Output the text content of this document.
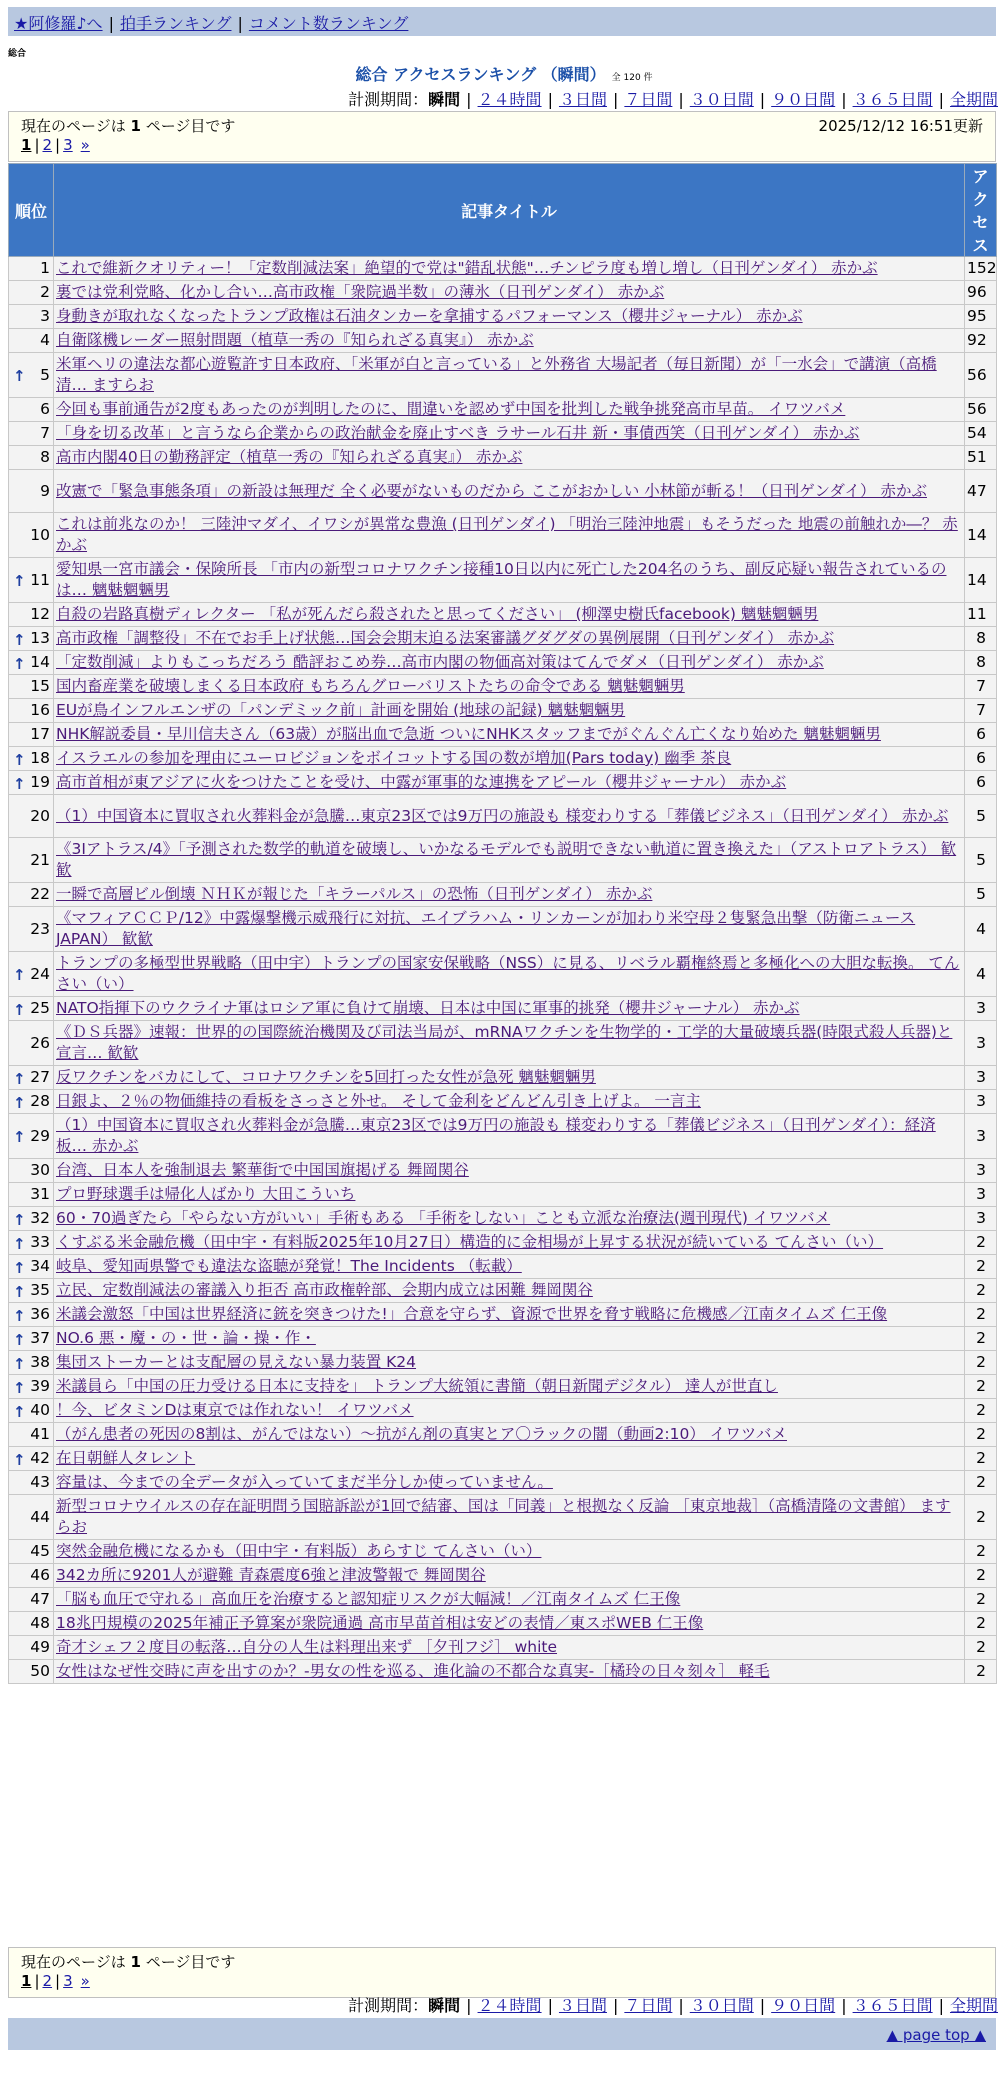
★阿修羅♪へ | 拍手ランキング | コメント数ランキング
総合
総合 アクセスランキング （瞬間） 全 120 件
計測期間：瞬間 | ２４時間 | ３日間 | ７日間 | ３０日間 | ９０日間 | ３６５日間 | 全期間
現在のページは 1 ページ目です	2025/12/12 16:51更新
1 | 2 | 3 »
順位	記事タイトル	アクセス
1	これで維新クオリティー！「定数削減法案」絶望的で党は"錯乱状態"…チンピラ度も増し増し（日刊ゲンダイ） 赤かぶ	152
2	裏では党利党略、化かし合い…高市政権「衆院過半数」の薄氷（日刊ゲンダイ） 赤かぶ	96
3	身動きが取れなくなったトランプ政権は石油タンカーを拿捕するパフォーマンス（櫻井ジャーナル） 赤かぶ	95
4	自衛隊機レーダー照射問題（植草一秀の『知られざる真実』） 赤かぶ	92

↑ 5	米軍ヘリの違法な都心遊覧許す日本政府、「米軍が白と言っている」と外務省 大場記者（毎日新聞）が「一水会」で講演（高橋清… ますらお	56
6	今回も事前通告が2度もあったのが判明したのに、間違いを認めず中国を批判した戦争挑発高市早苗。 イワツバメ	56
7	「身を切る改革」と言うなら企業からの政治献金を廃止すべき ラサール石井 新・事債西笑（日刊ゲンダイ） 赤かぶ	54
8	高市内閣40日の勤務評定（植草一秀の『知られざる真実』） 赤かぶ	51
9	改憲で「緊急事態条項」の新設は無理だ 全く必要がないものだから ここがおかしい 小林節が斬る！（日刊ゲンダイ） 赤かぶ	47
10	これは前兆なのか！ 三陸沖マダイ、イワシが異常な豊漁 (日刊ゲンダイ) 「明治三陸沖地震」もそうだった 地震の前触れか―？ 赤かぶ	14

↑ 11	愛知県一宮市議会・保険所長 「市内の新型コロナワクチン接種10日以内に死亡した204名のうち、副反応疑い報告されているのは… 魑魅魍魎男	14
12	自殺の岩路真樹ディレクター 「私が死んだら殺されたと思ってください」 (柳澤史樹氏facebook) 魑魅魍魎男	11

↑ 13	高市政権「調整役」不在でお手上げ状態…国会会期末迫る法案審議グダグダの異例展開（日刊ゲンダイ） 赤かぶ	8

↑ 14	「定数削減」よりもこっちだろう 酷評おこめ券…高市内閣の物価高対策はてんでダメ（日刊ゲンダイ） 赤かぶ	8
15	国内畜産業を破壊しまくる日本政府 もちろんグローバリストたちの命令である 魑魅魍魎男	7
16	EUが鳥インフルエンザの「パンデミック前」計画を開始 (地球の記録) 魑魅魍魎男	7
17	NHK解説委員・早川信夫さん（63歳）が脳出血で急逝 ついにNHKスタッフまでがぐんぐん亡くなり始めた 魑魅魍魎男	6

↑ 18	イスラエルの参加を理由にユーロビジョンをボイコットする国の数が増加(Pars today) 幽季 茶良	6

↑ 19	高市首相が東アジアに火をつけたことを受け、中露が軍事的な連携をアピール（櫻井ジャーナル） 赤かぶ	6
20	（1）中国資本に買収され火葬料金が急騰…東京23区では9万円の施設も 様変わりする「葬儀ビジネス」（日刊ゲンダイ） 赤かぶ	5
21	《3Iアトラス/4》「予測された数学的軌道を破壊し、いかなるモデルでも説明できない軌道に置き換えた」（アストロアトラス） 歓歓	5
22	一瞬で高層ビル倒壊 ＮＨＫが報じた「キラーパルス」の恐怖（日刊ゲンダイ） 赤かぶ	5
23	《マフィアＣＣＰ/12》中露爆撃機示威飛行に対抗、エイブラハム・リンカーンが加わり米空母２隻緊急出撃（防衛ニュースJAPAN） 歓歓	4

↑ 24	トランプの多極型世界戦略（田中宇）トランプの国家安保戦略（NSS）に見る、リベラル覇権終焉と多極化への大胆な転換。 てんさい（い）	4

↑ 25	NATO指揮下のウクライナ軍はロシア軍に負けて崩壊、日本は中国に軍事的挑発（櫻井ジャーナル） 赤かぶ	3
26	《ＤＳ兵器》速報：世界的の国際統治機関及び司法当局が、mRNAワクチンを生物学的・工学的大量破壊兵器(時限式殺人兵器)と宣言… 歓歓	3

↑ 27	反ワクチンをバカにして、コロナワクチンを5回打った女性が急死 魑魅魍魎男	3

↑ 28	日銀よ、２％の物価維持の看板をさっさと外せ。 そして金利をどんどん引き上げよ。 一言主	3

↑ 29	（1）中国資本に買収され火葬料金が急騰…東京23区では9万円の施設も 様変わりする「葬儀ビジネス」（日刊ゲンダイ）：経済板… 赤かぶ	3
30	台湾、日本人を強制退去 繁華街で中国国旗掲げる 舞岡関谷	3
31	プロ野球選手は帰化人ばかり 大田こういち	3

↑ 32	60・70過ぎたら「やらない方がいい」手術もある 「手術をしない」ことも立派な治療法(週刊現代) イワツバメ	3

↑ 33	くすぶる米金融危機（田中宇・有料版2025年10月27日）構造的に金相場が上昇する状況が続いている てんさい（い）	2

↑ 34	岐阜、愛知両県警でも違法な盗聴が発覚！The Incidents （転載）	2

↑ 35	立民、定数削減法の審議入り拒否 高市政権幹部、会期内成立は困難 舞岡関谷	2

↑ 36	米議会激怒「中国は世界経済に銃を突きつけた!」合意を守らず、資源で世界を脅す戦略に危機感／江南タイムズ 仁王像	2

↑ 37	NO.6 悪・魔・の・世・論・操・作・	2

↑ 38	集団ストーカーとは支配層の見えない暴力装置 K24	2

↑ 39	米議員ら「中国の圧力受ける日本に支持を」 トランプ大統領に書簡（朝日新聞デジタル） 達人が世直し	2

↑ 40	！今、ビタミンDは東京では作れない！ イワツバメ	2
41	（がん患者の死因の8割は、がんではない）～抗がん剤の真実とア〇ラックの闇（動画2:10） イワツバメ	2

↑ 42	在日朝鮮人タレント	2
43	容量は、今までの全データが入っていてまだ半分しか使っていません。	2
44	新型コロナウイルスの存在証明問う国賠訴訟が1回で結審、国は「同義」と根拠なく反論 ［東京地裁］（高橋清隆の文書館） ますらお	2
45	突然金融危機になるかも（田中宇・有料版）あらすじ てんさい（い）	2
46	342カ所に9201人が避難 青森震度6強と津波警報で 舞岡関谷	2
47	「脳も血圧で守れる」高血圧を治療すると認知症リスクが大幅減！／江南タイムズ 仁王像	2
48	18兆円規模の2025年補正予算案が衆院通過 高市早苗首相は安どの表情／東スポWEB 仁王像	2
49	奇才シェフ２度目の転落…自分の人生は料理出来ず ［夕刊フジ］ white	2
50	女性はなぜ性交時に声を出すのか？-男女の性を巡る、進化論の不都合な真実-［橘玲の日々刻々］ 軽毛	2
現在のページは 1 ページ目です
1 | 2 | 3 »
計測期間：瞬間 | ２４時間 | ３日間 | ７日間 | ３０日間 | ９０日間 | ３６５日間 | 全期間
▲ page top ▲
